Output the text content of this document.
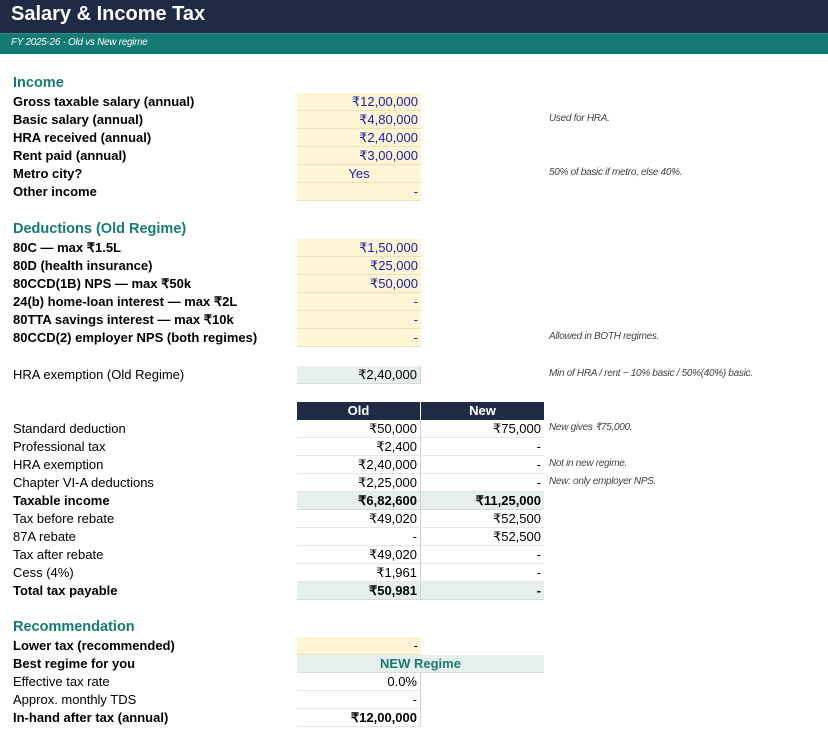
Salary & Income Tax
FY 2025-26 · Old vs New regime
Income
Gross taxable salary (annual)	₹12,00,000
Basic salary (annual)	₹4,80,000	Used for HRA.
HRA received (annual)	₹2,40,000
Rent paid (annual)	₹3,00,000
Metro city?	Yes	50% of basic if metro, else 40%.
Other income	-
Deductions (Old Regime)
80C — max ₹1.5L	₹1,50,000
80D (health insurance)	₹25,000
80CCD(1B) NPS — max ₹50k	₹50,000
24(b) home-loan interest — max ₹2L	-
80TTA savings interest — max ₹10k	-
80CCD(2) employer NPS (both regimes)	-	Allowed in BOTH regimes.
HRA exemption (Old Regime)	₹2,40,000	Min of HRA / rent − 10% basic / 50%(40%) basic.
Old	New
Standard deduction	₹50,000	₹75,000 New gives ₹75,000.
Professional tax	₹2,400	-
HRA exemption	₹2,40,000	- Not in new regime.
Chapter VI-A deductions	₹2,25,000	- New: only employer NPS.
Taxable income	₹6,82,600	₹11,25,000
Tax before rebate	₹49,020	₹52,500
87A rebate	-	₹52,500
Tax after rebate	₹49,020	-
Cess (4%)	₹1,961	-
Total tax payable	₹50,981	-
Recommendation
Lower tax (recommended)	-
Best regime for you	NEW Regime
Effective tax rate	0.0%
Approx. monthly TDS	-
In-hand after tax (annual)	₹12,00,000
